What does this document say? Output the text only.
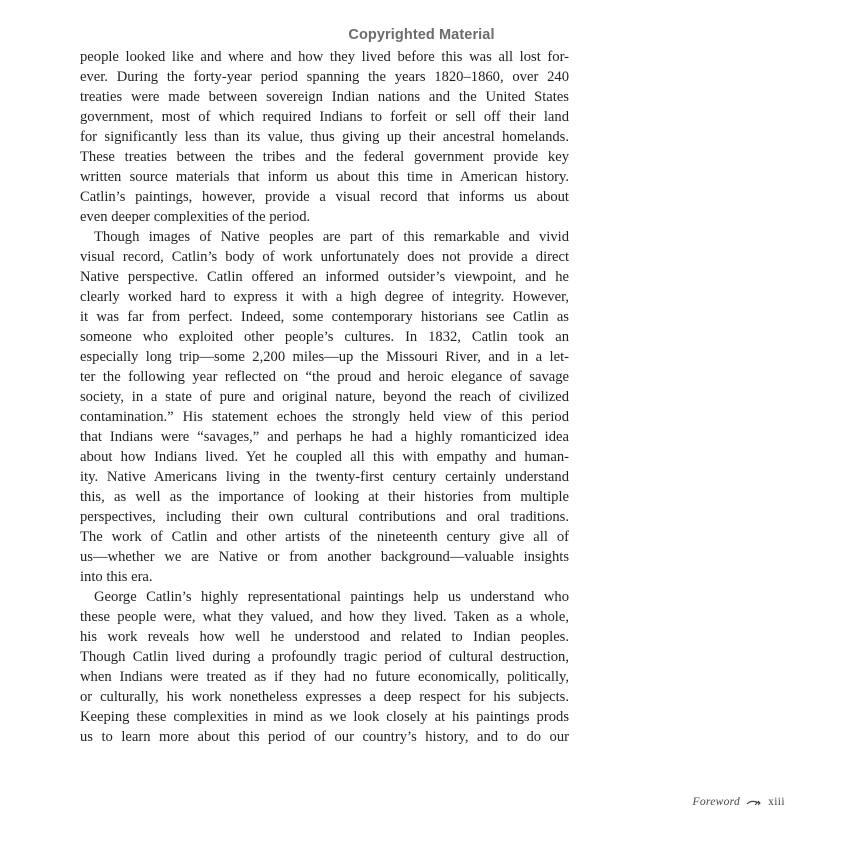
Copyrighted Material
people looked like and where and how they lived before this was all lost for-
ever. During the forty-year period spanning the years 1820–1860, over 240
treaties were made between sovereign Indian nations and the United States
government, most of which required Indians to forfeit or sell off their land
for significantly less than its value, thus giving up their ancestral homelands.
These treaties between the tribes and the federal government provide key
written source materials that inform us about this time in American history.
Catlin’s paintings, however, provide a visual record that informs us about
even deeper complexities of the period.
Though images of Native peoples are part of this remarkable and vivid
visual record, Catlin’s body of work unfortunately does not provide a direct
Native perspective. Catlin offered an informed outsider’s viewpoint, and he
clearly worked hard to express it with a high degree of integrity. However,
it was far from perfect. Indeed, some contemporary historians see Catlin as
someone who exploited other people’s cultures. In 1832, Catlin took an
especially long trip—some 2,200 miles—up the Missouri River, and in a let-
ter the following year reflected on “the proud and heroic elegance of savage
society, in a state of pure and original nature, beyond the reach of civilized
contamination.” His statement echoes the strongly held view of this period
that Indians were “savages,” and perhaps he had a highly romanticized idea
about how Indians lived. Yet he coupled all this with empathy and human-
ity. Native Americans living in the twenty-first century certainly understand
this, as well as the importance of looking at their histories from multiple
perspectives, including their own cultural contributions and oral traditions.
The work of Catlin and other artists of the nineteenth century give all of
us—whether we are Native or from another background—valuable insights
into this era.
George Catlin’s highly representational paintings help us understand who
these people were, what they valued, and how they lived. Taken as a whole,
his work reveals how well he understood and related to Indian peoples.
Though Catlin lived during a profoundly tragic period of cultural destruction,
when Indians were treated as if they had no future economically, politically,
or culturally, his work nonetheless expresses a deep respect for his subjects.
Keeping these complexities in mind as we look closely at his paintings prods
us to learn more about this period of our country’s history, and to do our
Foreword xiii
